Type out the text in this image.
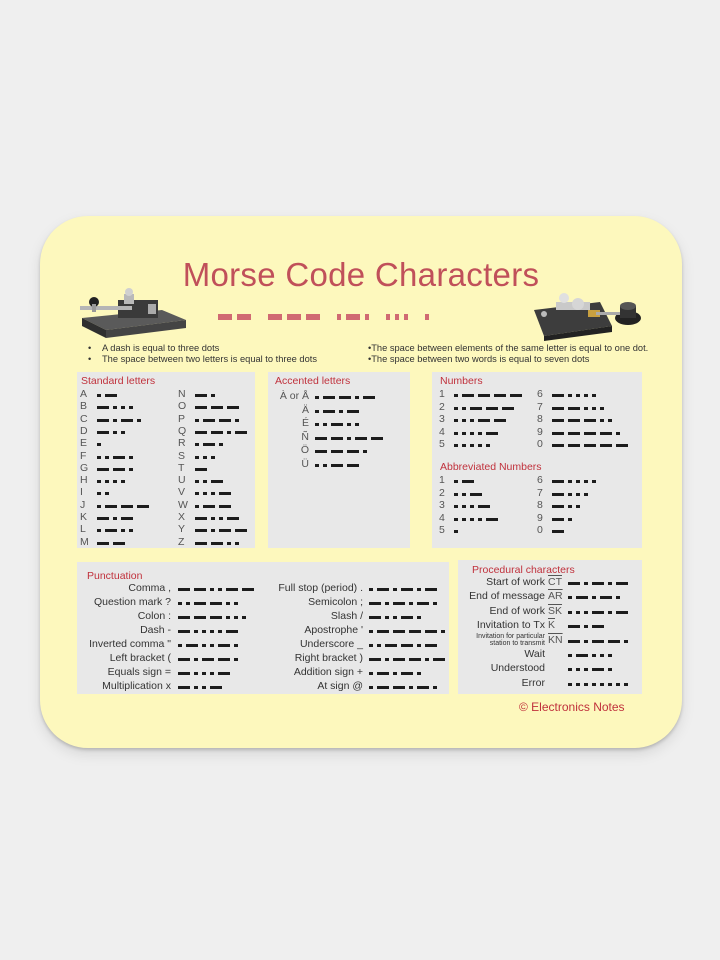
Morse Code Characters
• A dash is equal to three dots
• The space between two letters is equal to three dots
•The space between elements of the same letter is equal to one dot.
•The space between two words is equal to seven dots
Standard letters
A
B
C
D
E
F
G
H
I
J
K
L
M
N
O
P
Q
R
S
T
U
V
W
X
Y
Z
Accented letters
À or Å
Ä
É
Ñ
Ö
Ü
Numbers
1
2
3
4
5
6
7
8
9
0
Abbreviated Numbers
1
2
3
4
5
6
7
8
9
0
Punctuation
Comma ,
Question mark ?
Colon :
Dash -
Inverted comma "
Left bracket (
Equals sign =
Multiplication x
Full stop (period) .
Semicolon ;
Slash /
Apostrophe '
Underscore _
Right bracket )
Addition sign +
At sign @
Procedural characters
Start of work $\overline{CT}$
End of message $\overline{AR}$
End of work $\overline{SK}$
Invitation to Tx $\overline{K}$
Invitation for particular
station to transmit $\overline{KN}$
Wait
Understood
Error
© Electronics Notes
